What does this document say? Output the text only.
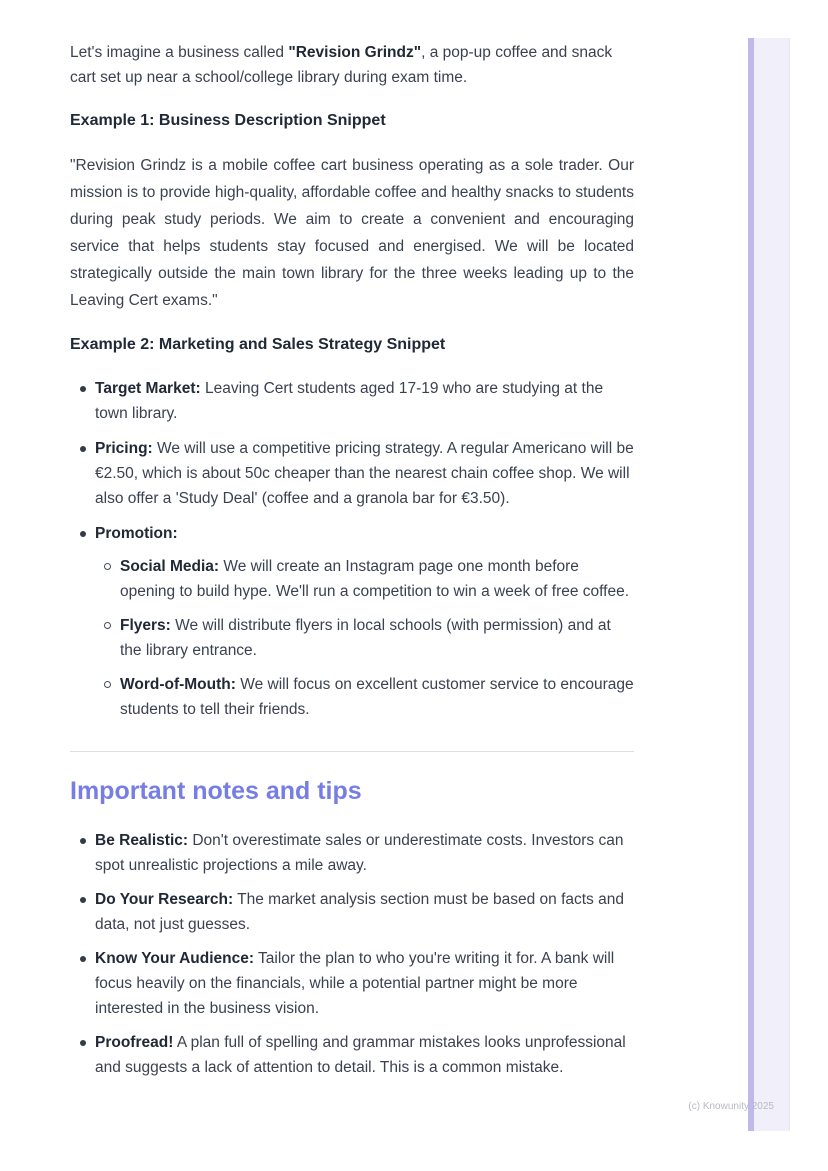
Let's imagine a business called "Revision Grindz", a pop-up coffee and snack cart set up near a school/college library during exam time.

Example 1: Business Description Snippet

"Revision Grindz is a mobile coffee cart business operating as a sole trader. Our mission is to provide high-quality, affordable coffee and healthy snacks to students during peak study periods. We aim to create a convenient and encouraging service that helps students stay focused and energised. We will be located strategically outside the main town library for the three weeks leading up to the Leaving Cert exams."

Example 2: Marketing and Sales Strategy Snippet

Target Market: Leaving Cert students aged 17-19 who are studying at the town library.
Pricing: We will use a competitive pricing strategy. A regular Americano will be €2.50, which is about 50c cheaper than the nearest chain coffee shop. We will also offer a 'Study Deal' (coffee and a granola bar for €3.50).
Promotion:
Social Media: We will create an Instagram page one month before opening to build hype. We'll run a competition to win a week of free coffee.
Flyers: We will distribute flyers in local schools (with permission) and at the library entrance.
Word-of-Mouth: We will focus on excellent customer service to encourage students to tell their friends.
Important notes and tips
Be Realistic: Don't overestimate sales or underestimate costs. Investors can spot unrealistic projections a mile away.
Do Your Research: The market analysis section must be based on facts and data, not just guesses.
Know Your Audience: Tailor the plan to who you're writing it for. A bank will focus heavily on the financials, while a potential partner might be more interested in the business vision.
Proofread! A plan full of spelling and grammar mistakes looks unprofessional and suggests a lack of attention to detail. This is a common mistake.
(c) Knowunity 2025
